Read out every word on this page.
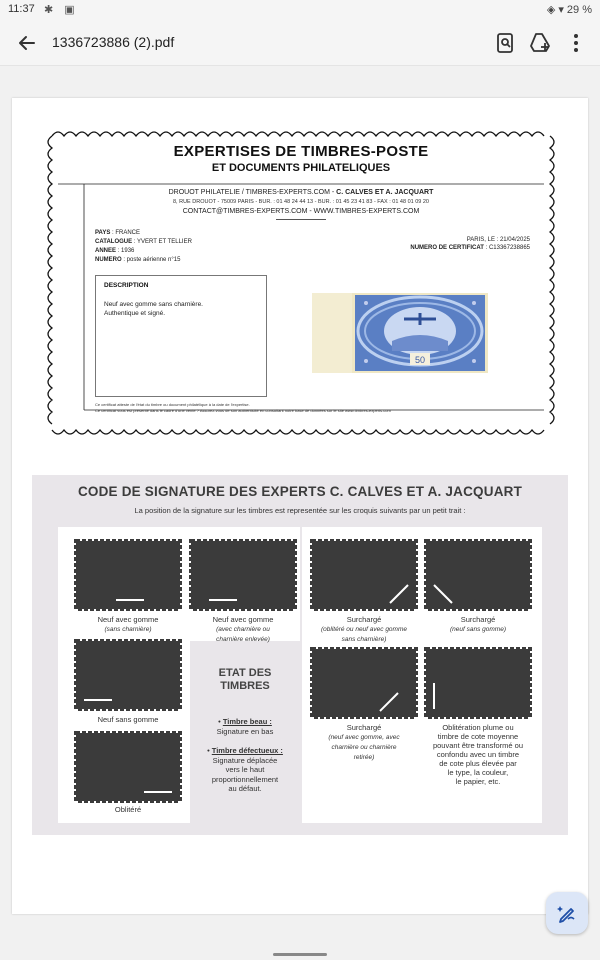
11:37 ✱ ▣	◈ ▾ 29 %
1336723886 (2).pdf
EXPERTISES DE TIMBRES-POSTE
ET DOCUMENTS PHILATELIQUES
DROUOT PHILATELIE / TIMBRES-EXPERTS.COM - C. CALVES ET A. JACQUART
8, RUE DROUOT - 75009 PARIS - BUR. : 01 48 24 44 13 - BUR. : 01 45 23 41 83 - FAX : 01 48 01 09 20
CONTACT@TIMBRES-EXPERTS.COM - WWW.TIMBRES-EXPERTS.COM
PAYS : FRANCE
CATALOGUE : YVERT ET TELLIER
ANNEE : 1936
NUMERO : poste aérienne n°15
PARIS, LE : 21/04/2025
NUMERO DE CERTIFICAT : C13367238865
DESCRIPTION
Neuf avec gomme sans charnière.
Authentique et signé.
50
Ce certificat atteste de l'état du timbre ou document philatélique à la date de l'expertise.
Ce certificat vous est présenté dans le cadre d'une vente ? Assurez-vous de son authenticité en consultant notre base de données sur le site www.timbres-experts.com
CODE DE SIGNATURE DES EXPERTS C. CALVES ET A. JACQUART
La position de la signature sur les timbres est representée sur les croquis suivants par un petit trait :
Neuf avec gomme
(sans charnière)
Neuf avec gomme
(avec charnière ou
charnière enlevée)
Surchargé
(oblitéré ou neuf avec gomme
sans charnière)
Surchargé
(neuf sans gomme)
Neuf sans gomme
Surchargé
(neuf avec gomme, avec
charnière ou charnière
retirée)
Oblitération plume ou
timbre de cote moyenne
pouvant être transformé ou
confondu avec un timbre
de cote plus élevée par
le type, la couleur,
le papier, etc.
Oblitéré
ETAT DES
TIMBRES
• Timbre beau :
Signature en bas
• Timbre défectueux :
Signature déplacée
vers le haut
proportionnellement
au défaut.
